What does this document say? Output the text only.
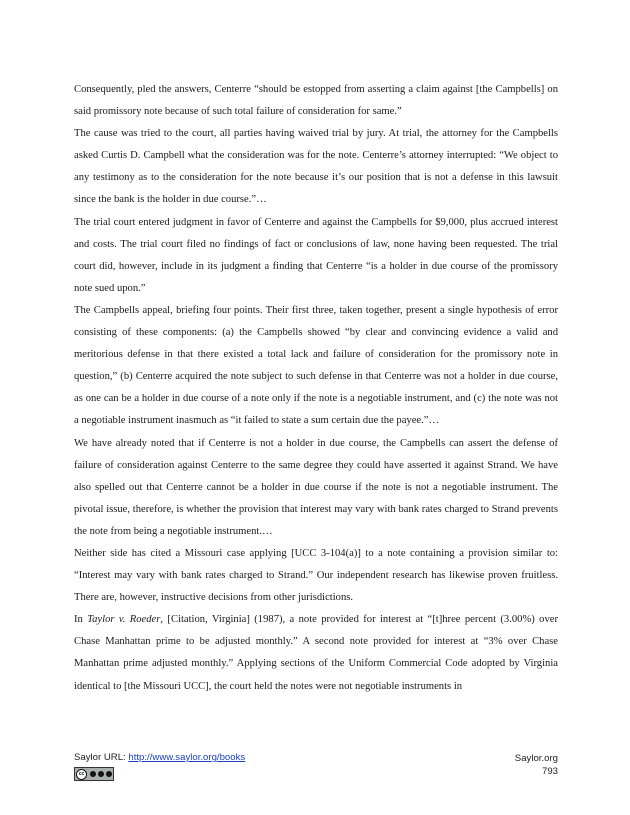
Consequently, pled the answers, Centerre “should be estopped from asserting a claim against [the Campbells] on said promissory note because of such total failure of consideration for same.”

The cause was tried to the court, all parties having waived trial by jury. At trial, the attorney for the Campbells asked Curtis D. Campbell what the consideration was for the note. Centerre’s attorney interrupted: “We object to any testimony as to the consideration for the note because it’s our position that is not a defense in this lawsuit since the bank is the holder in due course.”…

The trial court entered judgment in favor of Centerre and against the Campbells for $9,000, plus accrued interest and costs. The trial court filed no findings of fact or conclusions of law, none having been requested. The trial court did, however, include in its judgment a finding that Centerre “is a holder in due course of the promissory note sued upon.”

The Campbells appeal, briefing four points. Their first three, taken together, present a single hypothesis of error consisting of these components: (a) the Campbells showed “by clear and convincing evidence a valid and meritorious defense in that there existed a total lack and failure of consideration for the promissory note in question,” (b) Centerre acquired the note subject to such defense in that Centerre was not a holder in due course, as one can be a holder in due course of a note only if the note is a negotiable instrument, and (c) the note was not a negotiable instrument inasmuch as “it failed to state a sum certain due the payee.”…

We have already noted that if Centerre is not a holder in due course, the Campbells can assert the defense of failure of consideration against Centerre to the same degree they could have asserted it against Strand. We have also spelled out that Centerre cannot be a holder in due course if the note is not a negotiable instrument. The pivotal issue, therefore, is whether the provision that interest may vary with bank rates charged to Strand prevents the note from being a negotiable instrument.…

Neither side has cited a Missouri case applying [UCC 3-104(a)] to a note containing a provision similar to: “Interest may vary with bank rates charged to Strand.” Our independent research has likewise proven fruitless. There are, however, instructive decisions from other jurisdictions.

In Taylor v. Roeder, [Citation, Virginia] (1987), a note provided for interest at “[t]hree percent (3.00%) over Chase Manhattan prime to be adjusted monthly.” A second note provided for interest at “3% over Chase Manhattan prime adjusted monthly.” Applying sections of the Uniform Commercial Code adopted by Virginia identical to [the Missouri UCC], the court held the notes were not negotiable instruments in

Saylor URL: http://www.saylor.org/books
cc
Saylor.org
793
